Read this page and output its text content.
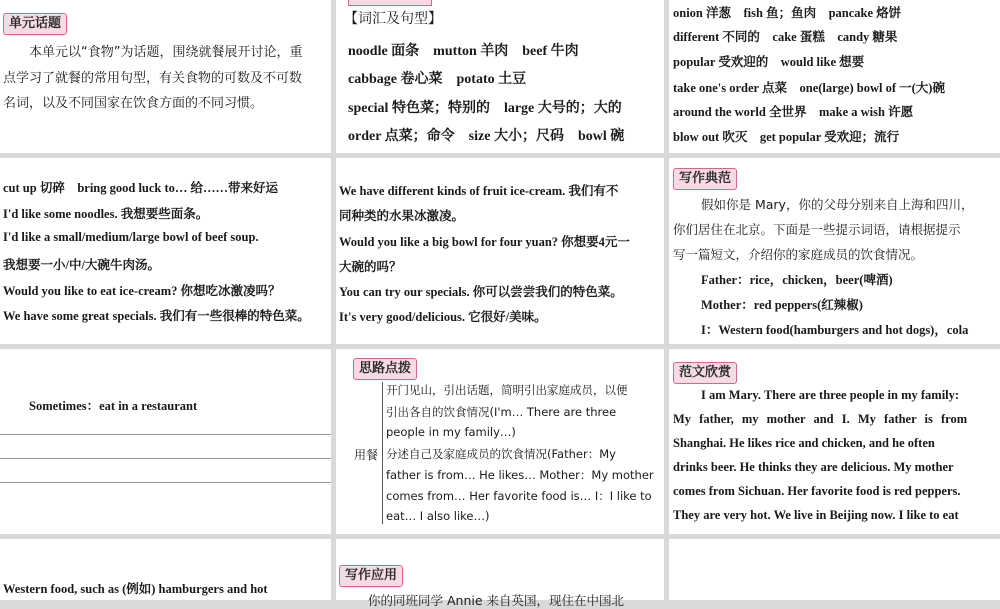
单元话题
本单元以“食物”为话题，围绕就餐展开讨论，重
点学习了就餐的常用句型，有关食物的可数及不可数
名词，以及不同国家在饮食方面的不同习惯。
【词汇及句型】
noodle 面条　mutton 羊肉　beef 牛肉
cabbage 卷心菜　potato 土豆
special 特色菜；特别的　large 大号的；大的
order 点菜；命令　size 大小；尺码　bowl 碗
onion 洋葱　fish 鱼；鱼肉　pancake 烙饼
different 不同的　cake 蛋糕　candy 糖果
popular 受欢迎的　would like 想要
take one's order 点菜　one(large) bowl of 一(大)碗
around the world 全世界　make a wish 许愿
blow out 吹灭　get popular 受欢迎；流行
cut up 切碎　bring good luck to… 给……带来好运
I'd like some noodles. 我想要些面条。
I'd like a small/medium/large bowl of beef soup.
我想要一小/中/大碗牛肉汤。
Would you like to eat ice-cream? 你想吃冰激凌吗？
We have some great specials. 我们有一些很棒的特色菜。
We have different kinds of fruit ice-cream. 我们有不
同种类的水果冰激凌。
Would you like a big bowl for four yuan? 你想要4元一
大碗的吗？
You can try our specials. 你可以尝尝我们的特色菜。
It's very good/delicious. 它很好/美味。
写作典范
假如你是 Mary，你的父母分别来自上海和四川，
你们居住在北京。下面是一些提示词语，请根据提示
写一篇短文，介绍你的家庭成员的饮食情况。
Father：rice，chicken，beer(啤酒)
Mother：red peppers(红辣椒)
I：Western food(hamburgers and hot dogs)，cola
Sometimes：eat in a restaurant
思路点拨
用餐
开门见山，引出话题，简明引出家庭成员，以便
引出各自的饮食情况(I'm… There are three
people in my family…)
分述自己及家庭成员的饮食情况(Father：My
father is from… He likes… Mother：My mother
comes from… Her favorite food is… I：I like to
eat… I also like…)
范文欣赏
I am Mary. There are three people in my family:
My father, my mother and I. My father is from
Shanghai. He likes rice and chicken, and he often
drinks beer. He thinks they are delicious. My mother
comes from Sichuan. Her favorite food is red peppers.
They are very hot. We live in Beijing now. I like to eat
Western food, such as (例如) hamburgers and hot
写作应用
你的同班同学 Annie 来自英国，现住在中国北
